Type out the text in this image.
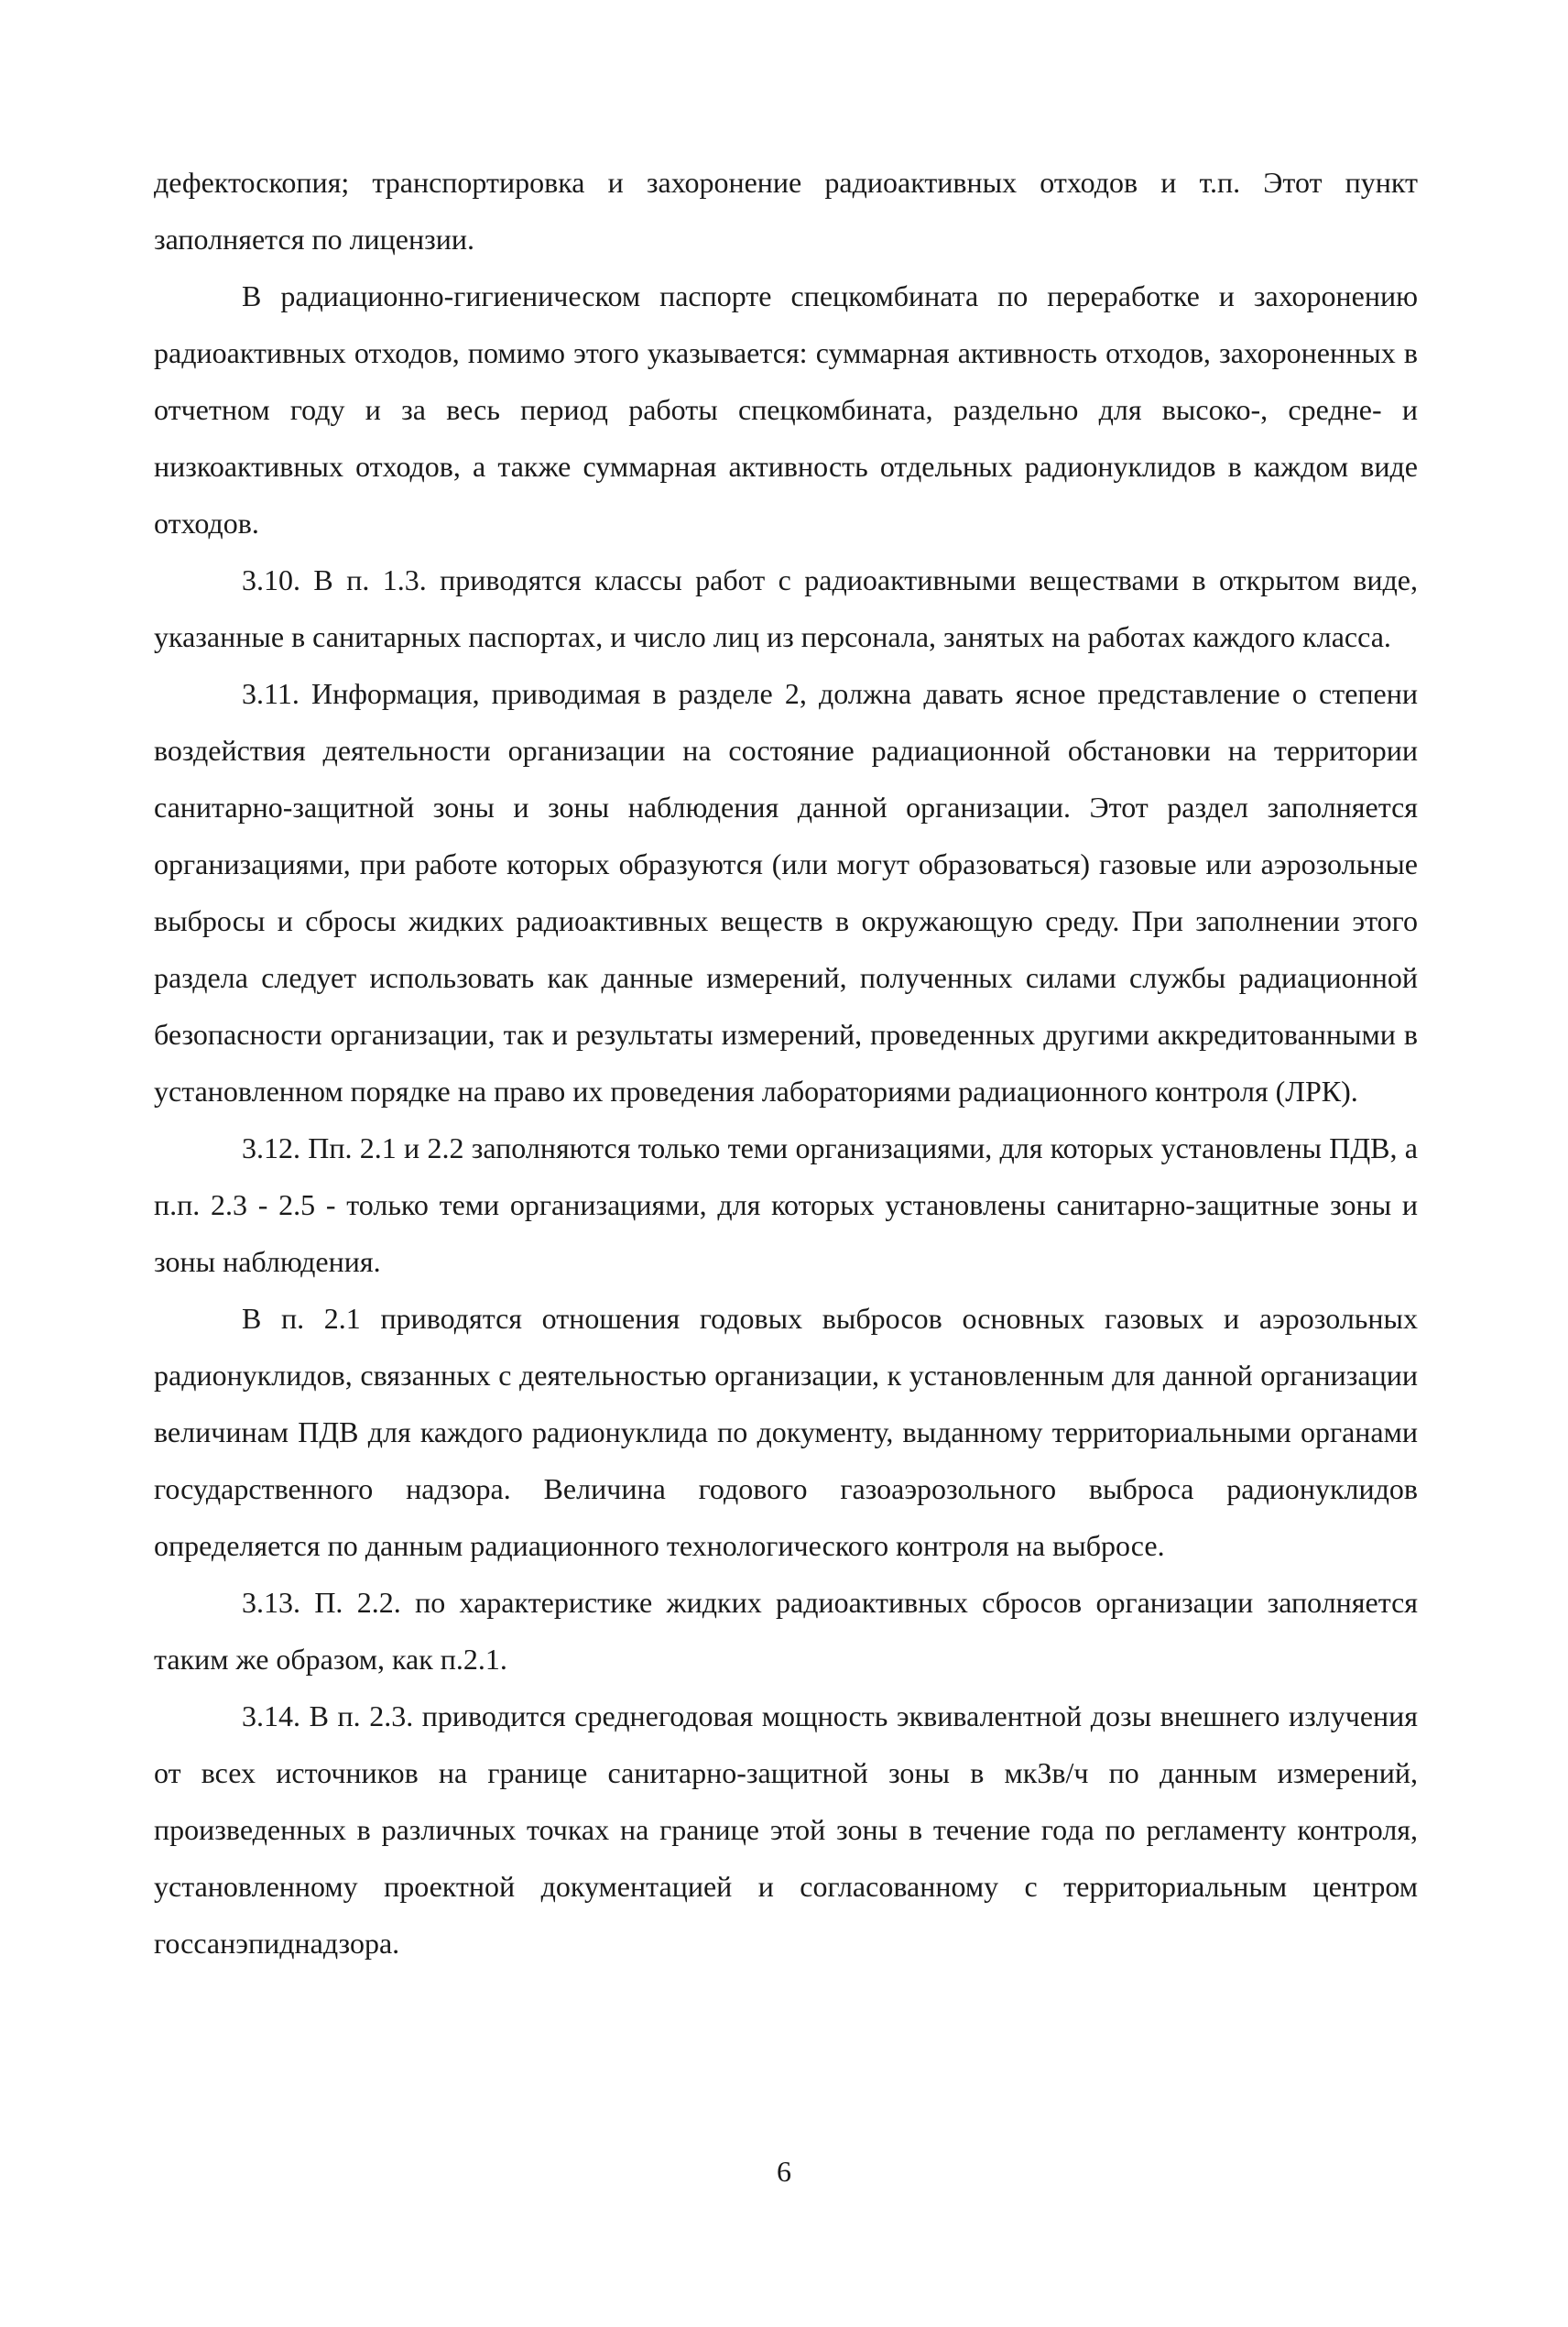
дефектоскопия; транспортировка и захоронение радиоактивных отходов и т.п. Этот пункт заполняется по лицензии.

В радиационно-гигиеническом паспорте спецкомбината по переработке и захоронению радиоактивных отходов, помимо этого указывается: суммарная активность отходов, захороненных в отчетном году и за весь период работы спецкомбината, раздельно для высоко-, средне- и низкоактивных отходов, а также суммарная активность отдельных радионуклидов в каждом виде отходов.

3.10. В п. 1.3. приводятся классы работ с радиоактивными веществами в открытом виде, указанные в санитарных паспортах, и число лиц из персонала, занятых на работах каждого класса.

3.11. Информация, приводимая в разделе 2, должна давать ясное представление о степени воздействия деятельности организации на состояние радиационной обстановки на территории санитарно-защитной зоны и зоны наблюдения данной организации. Этот раздел заполняется организациями, при работе которых образуются (или могут образоваться) газовые или аэрозольные выбросы и сбросы жидких радиоактивных веществ в окружающую среду. При заполнении этого раздела следует использовать как данные измерений, полученных силами службы радиационной безопасности организации, так и результаты измерений, проведенных другими аккредитованными в установленном порядке на право их проведения лабораториями радиационного контроля (ЛРК).

3.12. Пп. 2.1 и 2.2 заполняются только теми организациями, для которых установлены ПДВ, а п.п. 2.3 - 2.5 - только теми организациями, для которых установлены санитарно-защитные зоны и зоны наблюдения.

В п. 2.1 приводятся отношения годовых выбросов основных газовых и аэрозольных радионуклидов, связанных с деятельностью организации, к установленным для данной организации величинам ПДВ для каждого радионуклида по документу, выданному территориальными органами государственного надзора. Величина годового газоаэрозольного выброса радионуклидов определяется по данным радиационного технологического контроля на выбросе.

3.13. П. 2.2. по характеристике жидких радиоактивных сбросов организации заполняется таким же образом, как п.2.1.

3.14. В п. 2.3. приводится среднегодовая мощность эквивалентной дозы внешнего излучения от всех источников на границе санитарно-защитной зоны в мкЗв/ч по данным измерений, произведенных в различных точках на границе этой зоны в течение года по регламенту контроля, установленному проектной документацией и согласованному с территориальным центром госсанэпиднадзора.

6
